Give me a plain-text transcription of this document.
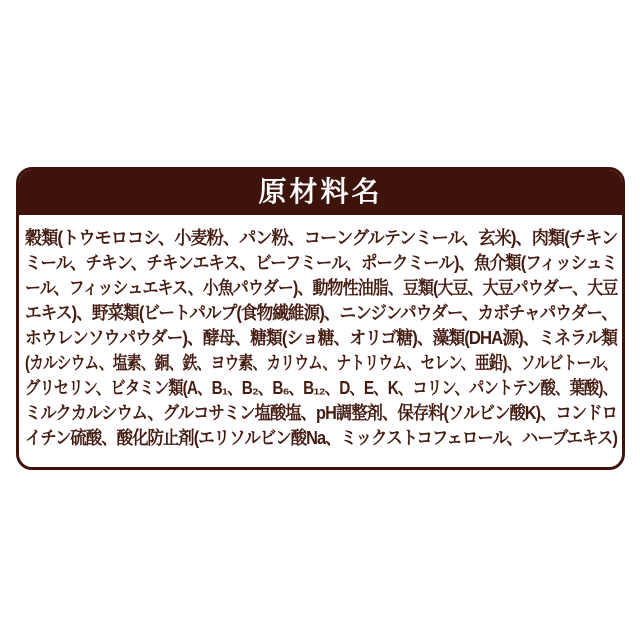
原材料名
穀類(トウモロコシ、小麦粉、パン粉、コーングルテンミール、玄米)、肉類(チキン
ミール、チキン、チキンエキス、ビーフミール、ポークミール)、魚介類(フィッシュミ
ール、フィッシュエキス、小魚パウダー)、動物性油脂、豆類(大豆、大豆パウダー、大豆
エキス)、野菜類(ビートパルプ(食物繊維源)、ニンジンパウダー、カボチャパウダー、
ホウレンソウパウダー)、酵母、糖類(ショ糖、オリゴ糖)、藻類(DHA源)、ミネラル類
(カルシウム、塩素、銅、鉄、ヨウ素、カリウム、ナトリウム、セレン、亜鉛)、ソルビトール、
グリセリン、ビタミン類(A、B₁、B₂、B₆、B₁₂、D、E、K、コリン、パントテン酸、葉酸)、
ミルクカルシウム、グルコサミン塩酸塩、pH調整剤、保存料(ソルビン酸K)、コンドロ
イチン硫酸、酸化防止剤(エリソルビン酸Na、ミックストコフェロール、ハーブエキス)
